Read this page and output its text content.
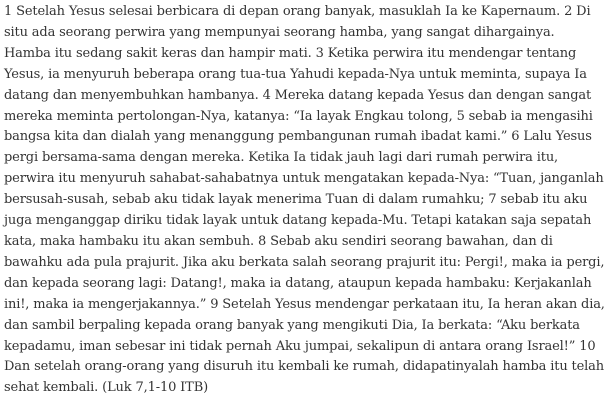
1 Setelah Yesus selesai berbicara di depan orang banyak, masuklah Ia ke Kapernaum. 2 Di situ ada seorang perwira yang mempunyai seorang hamba, yang sangat dihargainya. Hamba itu sedang sakit keras dan hampir mati. 3 Ketika perwira itu mendengar tentang Yesus, ia menyuruh beberapa orang tua-tua Yahudi kepada-Nya untuk meminta, supaya Ia datang dan menyembuhkan hambanya. 4 Mereka datang kepada Yesus dan dengan sangat mereka meminta pertolongan-Nya, katanya: “Ia layak Engkau tolong, 5 sebab ia mengasihi bangsa kita dan dialah yang menanggung pembangunan rumah ibadat kami.” 6 Lalu Yesus pergi bersama-sama dengan mereka. Ketika Ia tidak jauh lagi dari rumah perwira itu, perwira itu menyuruh sahabat-sahabatnya untuk mengatakan kepada-Nya: “Tuan, janganlah bersusah-susah, sebab aku tidak layak menerima Tuan di dalam rumahku; 7 sebab itu aku juga menganggap diriku tidak layak untuk datang kepada-Mu. Tetapi katakan saja sepatah kata, maka hambaku itu akan sembuh. 8 Sebab aku sendiri seorang bawahan, dan di bawahku ada pula prajurit. Jika aku berkata salah seorang prajurit itu: Pergi!, maka ia pergi, dan kepada seorang lagi: Datang!, maka ia datang, ataupun kepada hambaku: Kerjakanlah ini!, maka ia mengerjakannya.” 9 Setelah Yesus mendengar perkataan itu, Ia heran akan dia, dan sambil berpaling kepada orang banyak yang mengikuti Dia, Ia berkata: “Aku berkata kepadamu, iman sebesar ini tidak pernah Aku jumpai, sekalipun di antara orang Israel!” 10 Dan setelah orang-orang yang disuruh itu kembali ke rumah, didapatinyalah hamba itu telah sehat kembali. (Luk 7,1-10 ITB)
